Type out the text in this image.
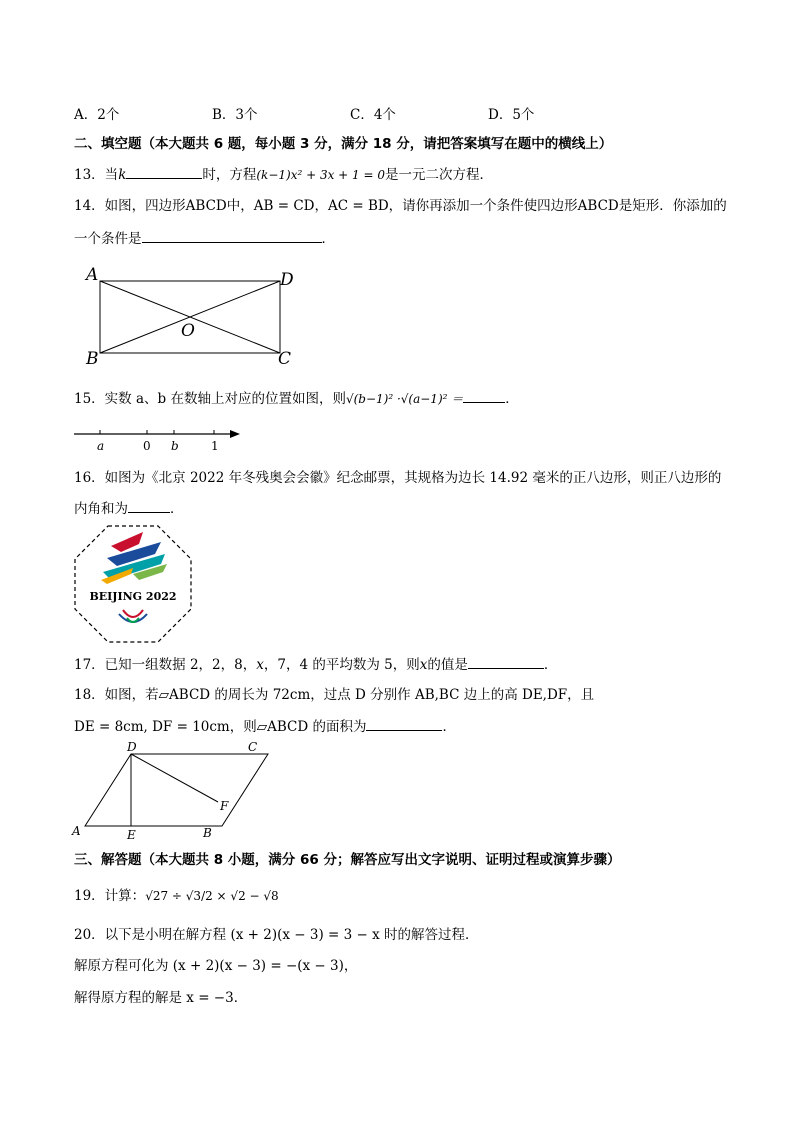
A．2个	B．3个	C．4个	D．5个
二、填空题（本大题共 6 题，每小题 3 分，满分 18 分，请把答案填写在题中的横线上）
13．当k	时，方程(k−1)x² + 3x + 1 = 0是一元二次方程．
14．如图，四边形ABCD中，AB = CD，AC = BD，请你再添加一个条件使四边形ABCD是矩形．你添加的
一个条件是	．
A	D
B	C
O
15．实数 a、b 在数轴上对应的位置如图，则√(b−1)² ·√(a−1)² ＝	．
a	0 b	1
16．如图为《北京 2022 年冬残奥会会徽》纪念邮票，其规格为边长 14.92 毫米的正八边形，则正八边形的
内角和为	．
BEIJING 2022
17．已知一组数据 2，2，8，x，7，4 的平均数为 5，则x的值是	．
18．如图，若▱ABCD 的周长为 72cm，过点 D 分别作 AB,BC 边上的高 DE,DF，且
DE = 8cm, DF = 10cm，则▱ABCD 的面积为	．
A
D	C
B
E
F
三、解答题（本大题共 8 小题，满分 66 分；解答应写出文字说明、证明过程或演算步骤）
19．计算：√27 ÷ √3/2 × √2 − √8
20．以下是小明在解方程 (x + 2)(x − 3) = 3 − x 时的解答过程．
解原方程可化为 (x + 2)(x − 3) = −(x − 3)，
解得原方程的解是 x = −3．
